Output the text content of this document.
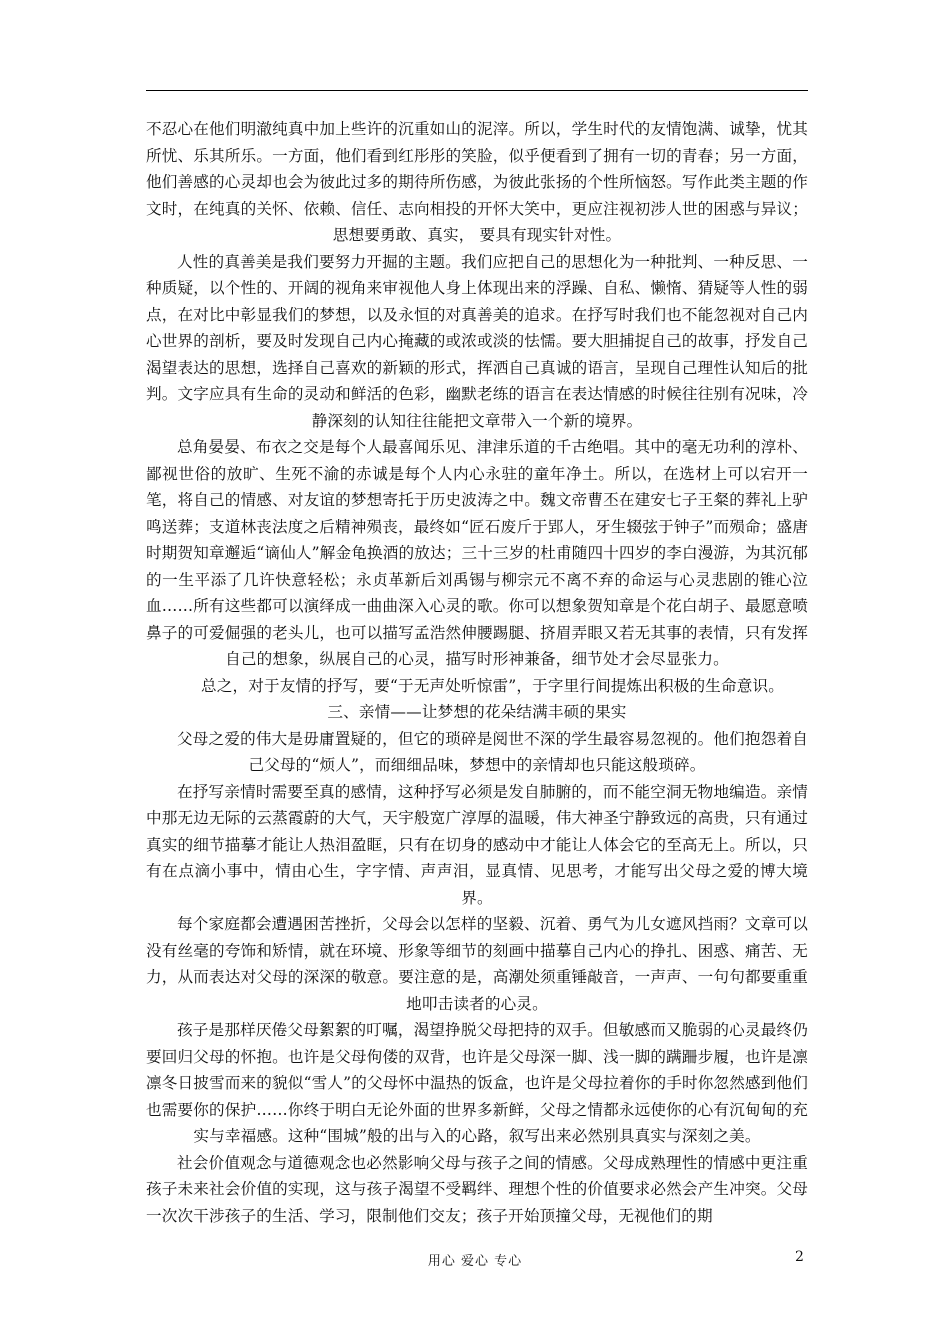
不忍心在他们明澈纯真中加上些许的沉重如山的泥滓。所以，学生时代的友情饱满、诚挚，忧其所忧、乐其所乐。一方面，他们看到红彤彤的笑脸，似乎便看到了拥有一切的青春；另一方面，他们善感的心灵却也会为彼此过多的期待所伤感，为彼此张扬的个性所恼怒。写作此类主题的作文时，在纯真的关怀、依赖、信任、志向相投的开怀大笑中，更应注视初涉人世的困惑与异议；思想要勇敢、真实， 要具有现实针对性。

人性的真善美是我们要努力开掘的主题。我们应把自己的思想化为一种批判、一种反思、一种质疑，以个性的、开阔的视角来审视他人身上体现出来的浮躁、自私、懒惰、猜疑等人性的弱点，在对比中彰显我们的梦想，以及永恒的对真善美的追求。在抒写时我们也不能忽视对自己内心世界的剖析，要及时发现自己内心掩藏的或浓或淡的怯懦。要大胆捕捉自己的故事，抒发自己渴望表达的思想，选择自己喜欢的新颖的形式，挥洒自己真诚的语言，呈现自己理性认知后的批判。文字应具有生命的灵动和鲜活的色彩，幽默老练的语言在表达情感的时候往往别有况味，冷静深刻的认知往往能把文章带入一个新的境界。

总角晏晏、布衣之交是每个人最喜闻乐见、津津乐道的千古绝唱。其中的毫无功利的淳朴、鄙视世俗的放旷、生死不渝的赤诚是每个人内心永驻的童年净土。所以，在选材上可以宕开一笔，将自己的情感、对友谊的梦想寄托于历史波涛之中。魏文帝曹丕在建安七子王粲的葬礼上驴鸣送葬；支道林丧法度之后精神殒丧，最终如“匠石废斤于郢人，牙生辍弦于钟子”而殒命；盛唐时期贺知章邂逅“谪仙人”解金龟换酒的放达；三十三岁的杜甫随四十四岁的李白漫游，为其沉郁的一生平添了几许快意轻松；永贞革新后刘禹锡与柳宗元不离不弃的命运与心灵悲剧的锥心泣血……所有这些都可以演绎成一曲曲深入心灵的歌。你可以想象贺知章是个花白胡子、最愿意喷鼻子的可爱倔强的老头儿，也可以描写孟浩然伸腰踢腿、挤眉弄眼又若无其事的表情，只有发挥自己的想象，纵展自己的心灵，描写时形神兼备，细节处才会尽显张力。

总之，对于友情的抒写，要“于无声处听惊雷”，于字里行间提炼出积极的生命意识。

三、亲情——让梦想的花朵结满丰硕的果实

父母之爱的伟大是毋庸置疑的，但它的琐碎是阅世不深的学生最容易忽视的。他们抱怨着自己父母的“烦人”，而细细品味，梦想中的亲情却也只能这般琐碎。

在抒写亲情时需要至真的感情，这种抒写必须是发自肺腑的，而不能空洞无物地编造。亲情中那无边无际的云蒸霞蔚的大气，天宇般宽广淳厚的温暖，伟大神圣宁静致远的高贵，只有通过真实的细节描摹才能让人热泪盈眶，只有在切身的感动中才能让人体会它的至高无上。所以，只有在点滴小事中，情由心生，字字情、声声泪，显真情、见思考，才能写出父母之爱的博大境界。

每个家庭都会遭遇困苦挫折，父母会以怎样的坚毅、沉着、勇气为儿女遮风挡雨？文章可以没有丝毫的夸饰和矫情，就在环境、形象等细节的刻画中描摹自己内心的挣扎、困惑、痛苦、无力，从而表达对父母的深深的敬意。要注意的是，高潮处须重锤敲音，一声声、一句句都要重重地叩击读者的心灵。

孩子是那样厌倦父母絮絮的叮嘱，渴望挣脱父母把持的双手。但敏感而又脆弱的心灵最终仍要回归父母的怀抱。也许是父母佝偻的双背，也许是父母深一脚、浅一脚的蹒跚步履，也许是凛凛冬日披雪而来的貌似“雪人”的父母怀中温热的饭盒，也许是父母拉着你的手时你忽然感到他们也需要你的保护……你终于明白无论外面的世界多新鲜，父母之情都永远使你的心有沉甸甸的充实与幸福感。这种“围城”般的出与入的心路，叙写出来必然别具真实与深刻之美。

社会价值观念与道德观念也必然影响父母与孩子之间的情感。父母成熟理性的情感中更注重孩子未来社会价值的实现，这与孩子渴望不受羁绊、理想个性的价值要求必然会产生冲突。父母一次次干涉孩子的生活、学习，限制他们交友；孩子开始顶撞父母，无视他们的期

用心 爱心 专心	2
